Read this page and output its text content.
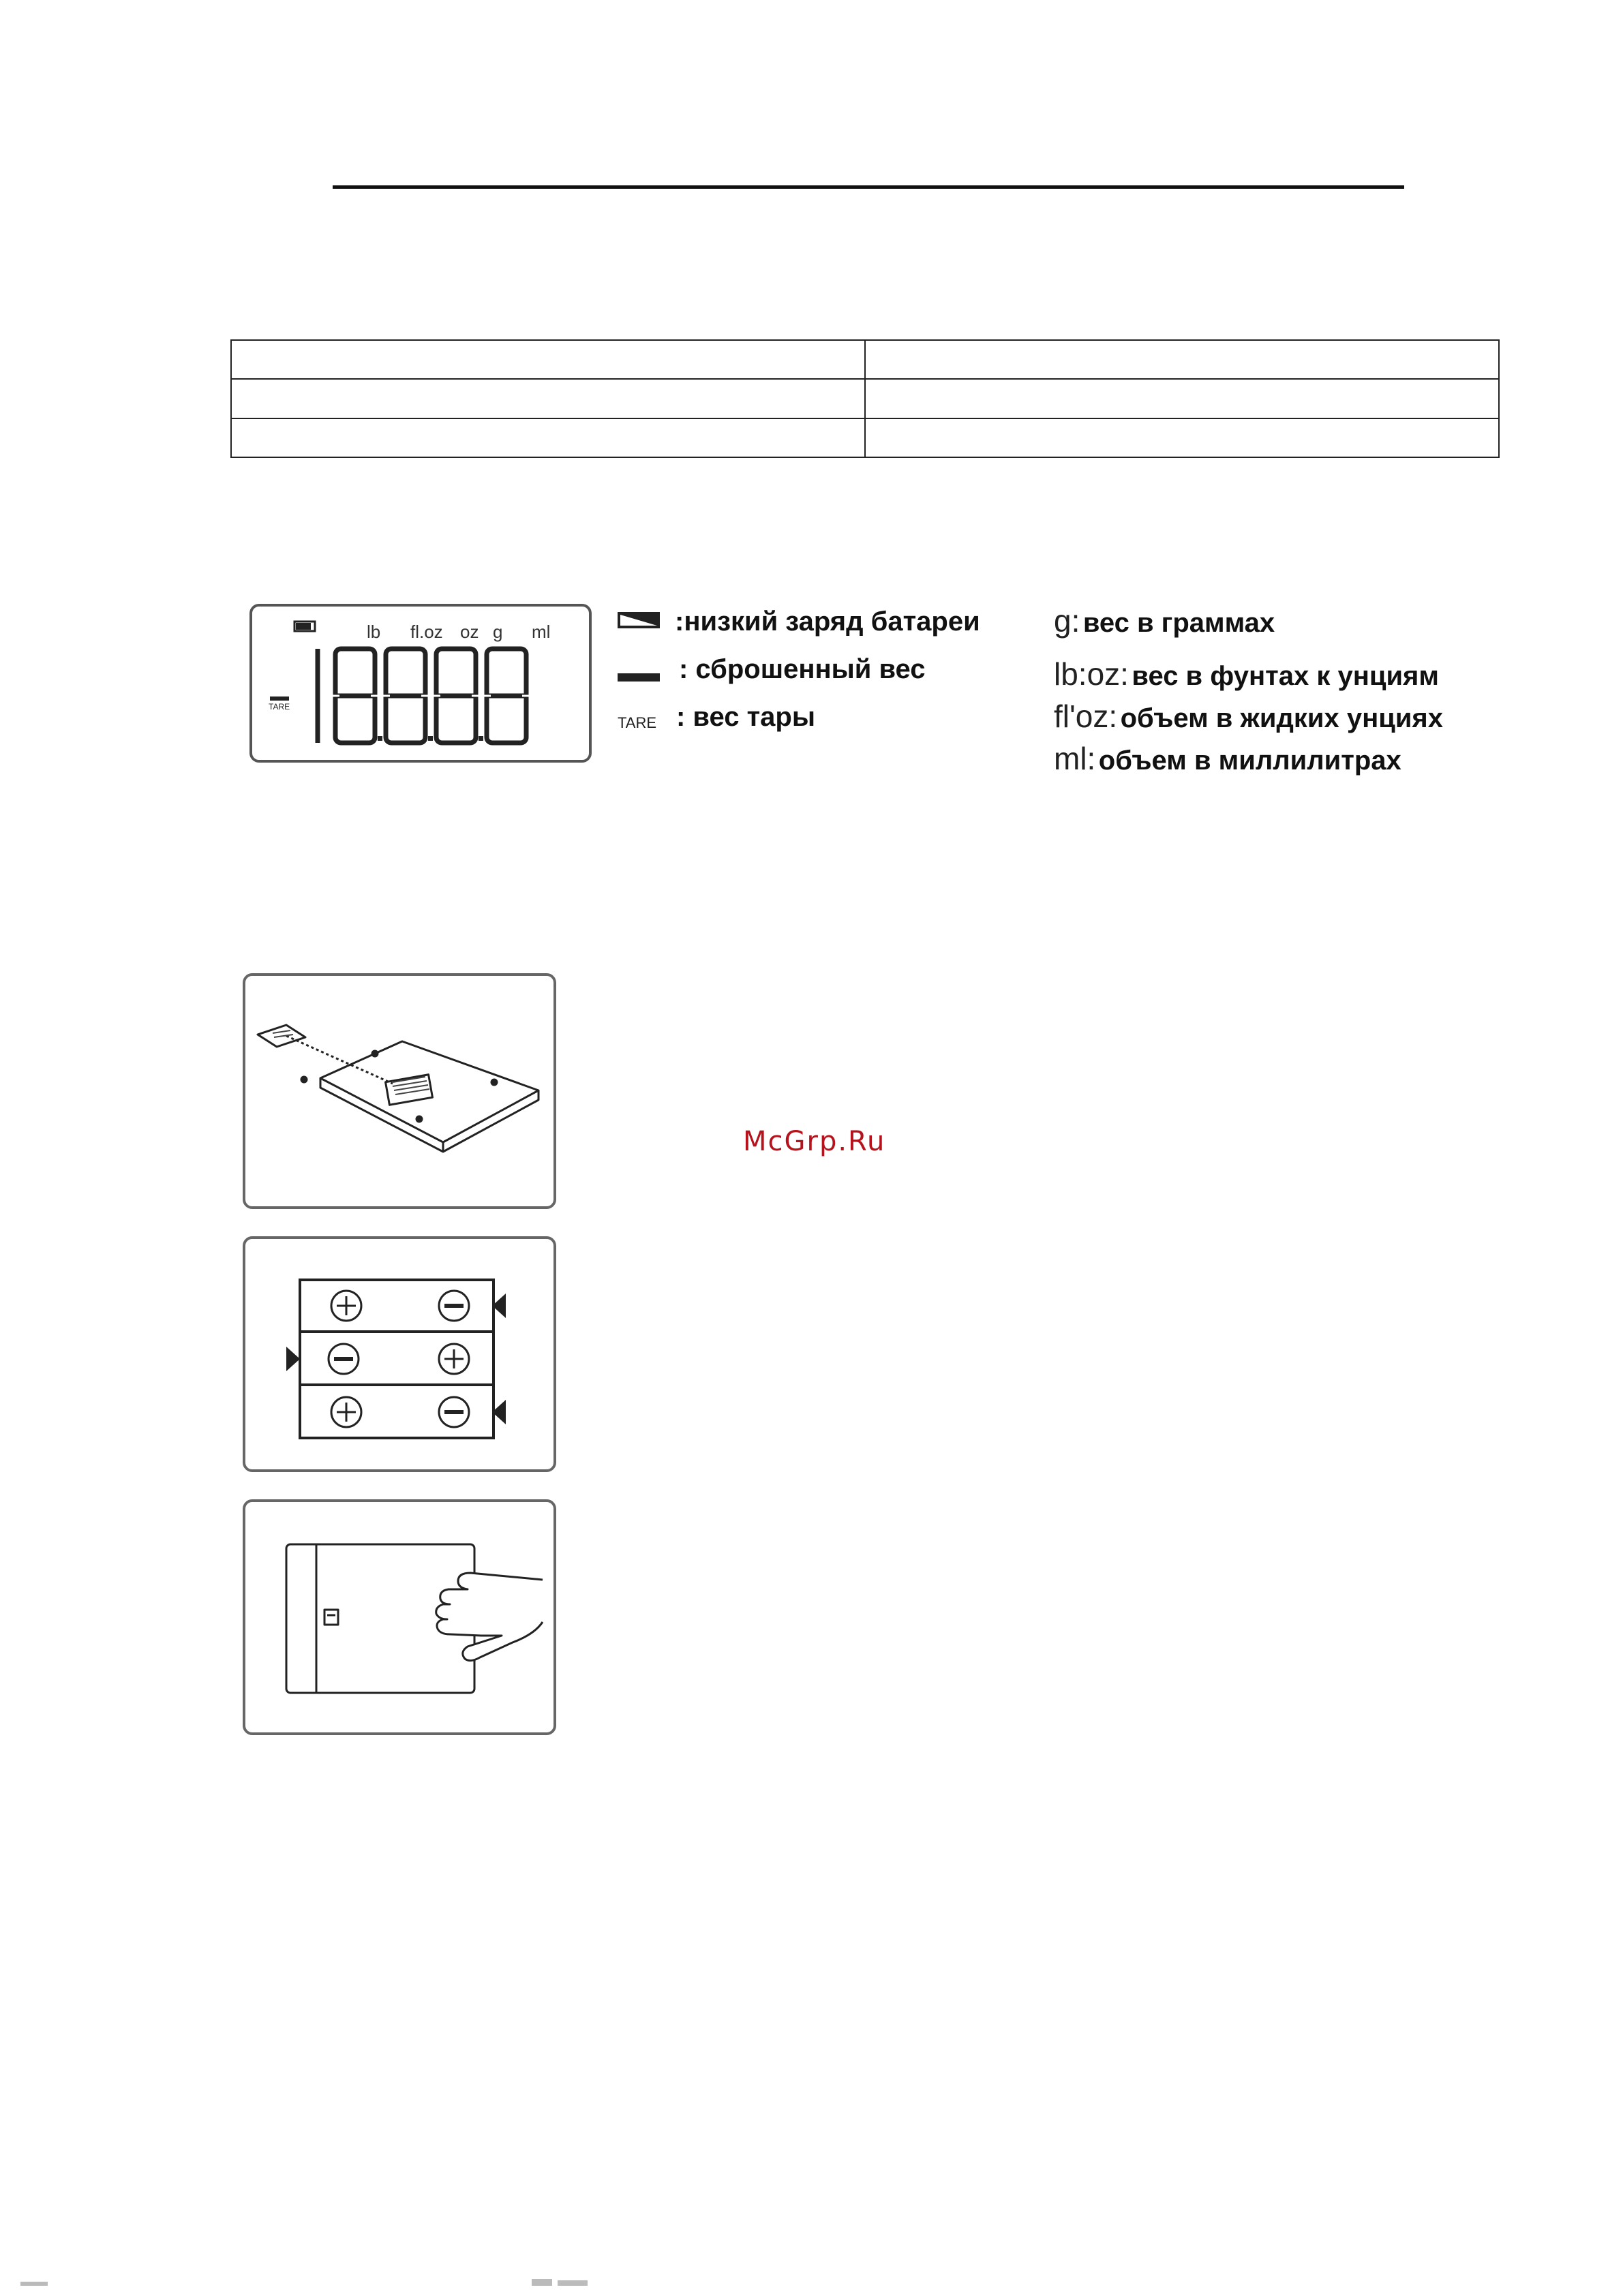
lb fl.oz oz g ml
TARE
:низкий заряд батареи
: сброшенный вес
TARE : вес тары
g: вес в граммах
lb:oz: вес в фунтах к унциям
fl'oz: объем в жидких унциях
ml: объем в миллилитрах
McGrp.Ru
